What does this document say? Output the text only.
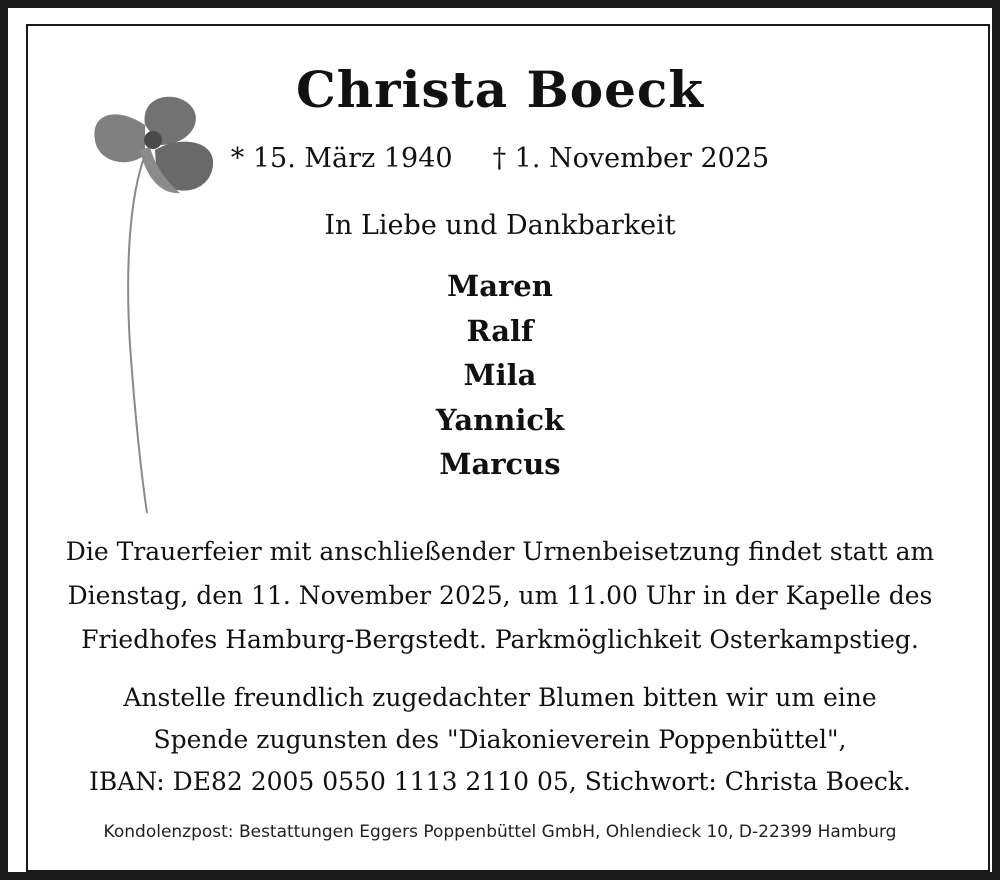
Christa Boeck
* 15. März 1940 † 1. November 2025
In Liebe und Dankbarkeit
Maren
Ralf
Mila
Yannick
Marcus
Die Trauerfeier mit anschließender Urnenbeisetzung findet statt am
Dienstag, den 11. November 2025, um 11.00 Uhr in der Kapelle des
Friedhofes Hamburg-Bergstedt. Parkmöglichkeit Osterkampstieg.
Anstelle freundlich zugedachter Blumen bitten wir um eine
Spende zugunsten des "Diakonieverein Poppenbüttel",
IBAN: DE82 2005 0550 1113 2110 05, Stichwort: Christa Boeck.
Kondolenzpost: Bestattungen Eggers Poppenbüttel GmbH, Ohlendieck 10, D-22399 Hamburg
